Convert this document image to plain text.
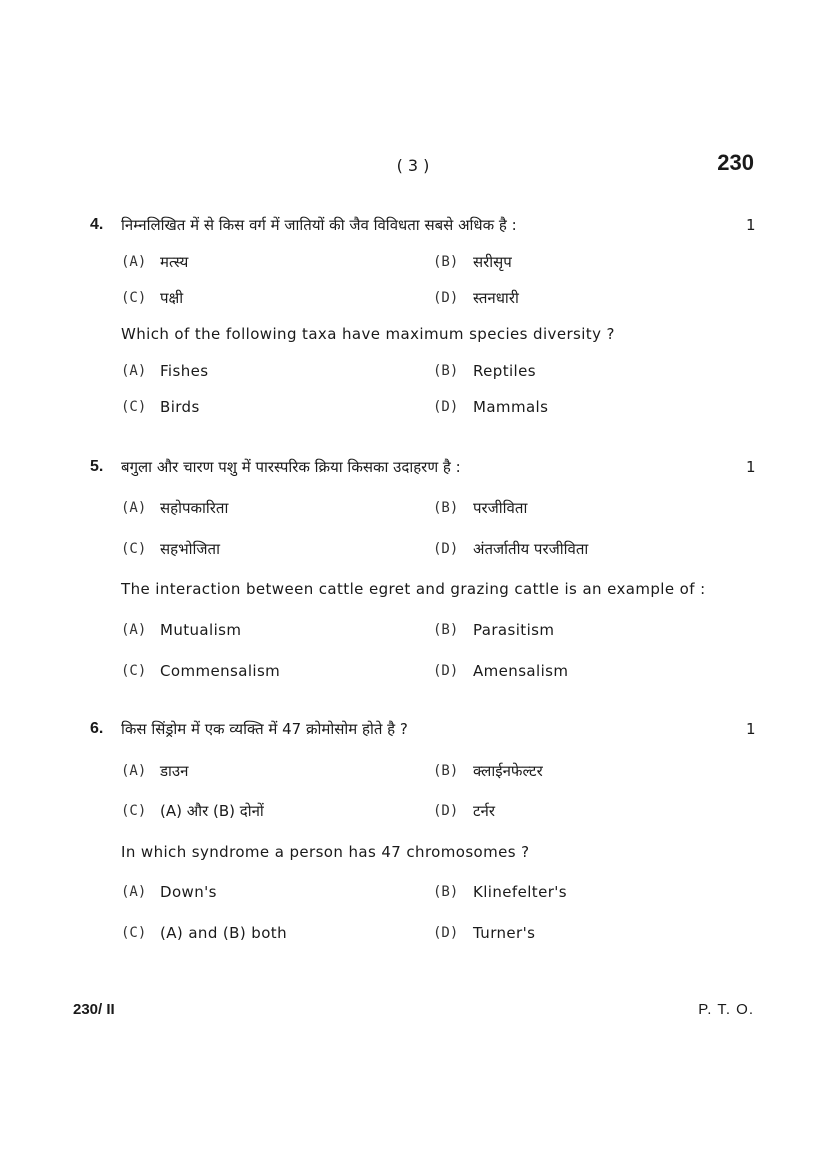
( 3 )	230
4. निम्नलिखित में से किस वर्ग में जातियों की जैव विविधता सबसे अधिक है :	1
(A) मत्स्य	(B) सरीसृप
(C) पक्षी	(D) स्तनधारी
Which of the following taxa have maximum species diversity ?
(A) Fishes	(B) Reptiles
(C) Birds	(D) Mammals
5. बगुला और चारण पशु में पारस्परिक क्रिया किसका उदाहरण है :	1
(A) सहोपकारिता	(B) परजीविता
(C) सहभोजिता	(D) अंतर्जातीय परजीविता
The interaction between cattle egret and grazing cattle is an example of :
(A) Mutualism	(B) Parasitism
(C) Commensalism	(D) Amensalism
6. किस सिंड्रोम में एक व्यक्ति में 47 क्रोमोसोम होते है ?	1
(A) डाउन	(B) क्लाईनफेल्टर
(C) (A) और (B) दोनों	(D) टर्नर
In which syndrome a person has 47 chromosomes ?
(A) Down's	(B) Klinefelter's
(C) (A) and (B) both	(D) Turner's
230/ II	P. T. O.
